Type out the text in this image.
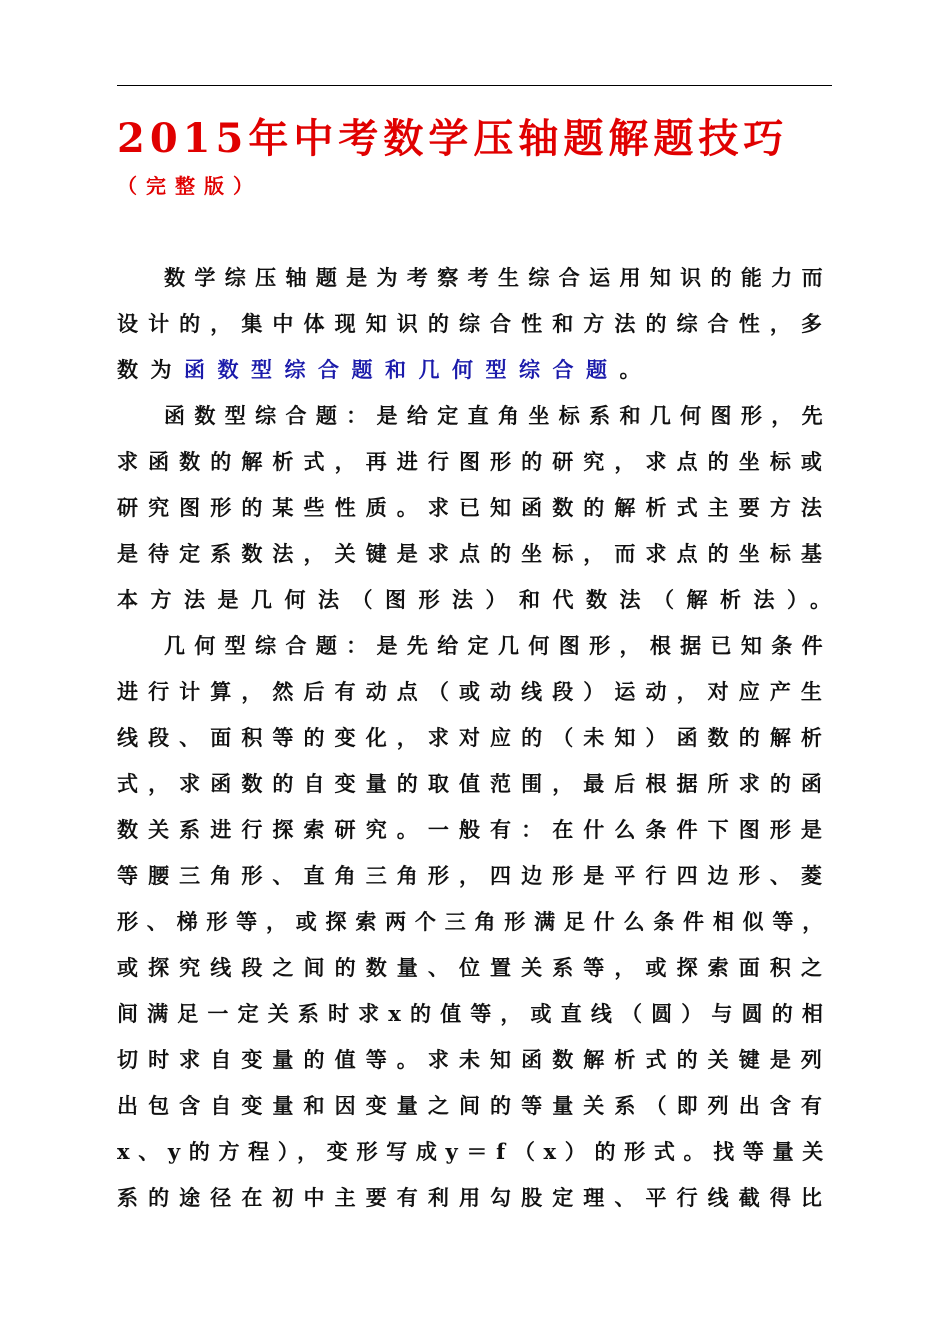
2015年中考数学压轴题解题技巧
（完整版）
数学综压轴题是为考察考生综合运用知识的能力而
设计的，集中体现知识的综合性和方法的综合性，多
数为函数型综合题和几何型综合题。
函数型综合题：是给定直角坐标系和几何图形，先
求函数的解析式，再进行图形的研究，求点的坐标或
研究图形的某些性质。求已知函数的解析式主要方法
是待定系数法，关键是求点的坐标，而求点的坐标基
本方法是几何法（图形法）和代数法（解析法）。
几何型综合题：是先给定几何图形，根据已知条件
进行计算，然后有动点（或动线段）运动，对应产生
线段、面积等的变化，求对应的（未知）函数的解析
式，求函数的自变量的取值范围，最后根据所求的函
数关系进行探索研究。一般有：在什么条件下图形是
等腰三角形、直角三角形，四边形是平行四边形、菱
形、梯形等，或探索两个三角形满足什么条件相似等，
或探究线段之间的数量、位置关系等，或探索面积之
间满足一定关系时求x的值等，或直线（圆）与圆的相
切时求自变量的值等。求未知函数解析式的关键是列
出包含自变量和因变量之间的等量关系（即列出含有
x、y的方程），变形写成y＝f（x）的形式。找等量关
系的途径在初中主要有利用勾股定理、平行线截得比
